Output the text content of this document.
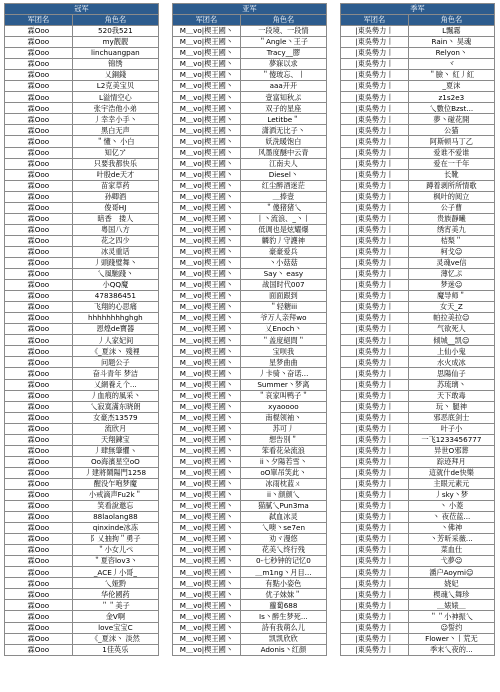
冠军	
军团名	角色名
霖Ooo	520我521
霖Ooo	my靓靓
霖Ooo	linchuangpan
霖Ooo	锦绣
霖Ooo	乂銅錢
霖Ooo	L2克美宝贝
霖Ooo	L溢情空心
霖Ooo	张宇浩他小弟
霖Ooo	丿幸幸小手丶
霖Ooo	黑白无声
霖Ooo	＂懂丶 小白
霖Ooo	知亿ア
霖Ooo	只要我都快乐
霖Ooo	叶殷de天才
霖Ooo	苗家草药
霖Ooo	孙卿酒
霖Ooo	俊哥HJ
霖Ooo	暗香　搂人
霖Ooo	粤国八方
霖Ooo	花之四少
霖Ooo	冰灵重话
霖Ooo	丿頭踐璧舞丶
霖Ooo	乀風馳踐丶
霖Ooo	小QQ魔
霖Ooo	478386451
霖Ooo	飞翔的心思痛
霖Ooo	hhhhhhhhghgh
霖Ooo	恩煌de寶器
霖Ooo	丿人家妃间
霖Ooo	《_夏沫丶 殘裡
霖Ooo	问题公子
霖Ooo	奋斗青年 梦洁
霖Ooo	乂網養え个...
霖Ooo	丿血痕的風采丶
霖Ooo	乀寂寞滿东晓朗
霖Ooo	女豪杰13579
霖Ooo	流欣月
霖Ooo	天翔鍊宝
霖Ooo	丿肆無肇懼ヽ
霖Ooo	Oo海濱星空oO
霖Ooo	丿建將鬧陽門1258
霖Ooo	醒没乍咆梦魔
霖Ooo	小戒滴声Fu2k＂
霖Ooo	笑看說邀忘
霖Ooo	88laolang88
霖Ooo	qinxinde冰冻
霖Ooo	阝乂抽拘＂勇子
霖Ooo	＂小女儿ぺ
霖Ooo	＂夏咨lov3丶
霖Ooo	_ACE丿小哥_
霖Ooo	乀娅黔
霖Ooo	华伦國药
霖Ooo	＂＂美子
霖Ooo	金V啊
霖Ooo	love宝宝C
霖Ooo	《_夏沫丶 淡然
霖Ooo	1佳英乐
亚军	
军团名	角色名
M＿vo|楔王國丶	一段境、一段情
M＿vo|楔王國丶	＂Angle丶王子
M＿vo|楔王國丶	Tracy__膠
M＿vo|楔王國丶	夢寐以求
M＿vo|楔王國丶	＂傻玻忘、丨
M＿vo|楔王國丶	aaa开开
M＿vo|楔王國丶	壹富知秋ぷ
M＿vo|楔王國丶	双子的星座
M＿vo|楔王國丶	Letitbe＂
M＿vo|楔王國丶	潇洒无比子丶
M＿vo|楔王國丶	妖洗暖饱白
M＿vo|楔王國丶	风墨度醚中云青
M＿vo|楔王國丶	江南夫人
M＿vo|楔王國丶	Diesel丶
M＿vo|楔王國丶	红尘醉酒迷茫
M＿vo|楔王國丶	＿捧壹
M＿vo|楔王國丶	＂傻猪猪乀
M＿vo|楔王國丶	丨丶流浪、_丶丨
M＿vo|楔王國丶	低调也是炫耀爆
M＿vo|楔王國丶	麟豹丿守護神
M＿vo|楔王國丶	豪豪爱兵
M＿vo|楔王國丶	丶小菇菇
M＿vo|楔王國丶	Say丶 easy
M＿vo|楔王國丶	战国时代007
M＿vo|楔王國丶	面面跟到
M＿vo|楔王國丶	＂轻糖iii
M＿vo|楔王國丶	爷万人亲拜wo
M＿vo|楔王國丶	乂Enoch丶
M＿vo|楔王國丶	＂盖度絕問＂
M＿vo|楔王國丶	宝呗我
M＿vo|楔王國丶	星梦曲曲
M＿vo|楔王國丶	丿卡骑丶奋诺...
M＿vo|楔王國丶	Summer丶梦离
M＿vo|楔王國丶	＂哀家叫鸭子＂
M＿vo|楔王國丶	xyaoooo
M＿vo|楔王國丶	南棍领袖丶
M＿vo|楔王國丶	苏可丿
M＿vo|楔王國丶	想告別＂
M＿vo|楔王國丶	笨看花朵流浪
M＿vo|楔王國丶	ii丶夕陽若雪丶
M＿vo|楔王國丶	oO單吊笑此丶
M＿vo|楔王國丶	冰雨枕蓝ㄨ
M＿vo|楔王國丶	ii丶颜颜乀
M＿vo|楔王國丶	猫腻乀Pun3ma
M＿vo|楔王國丶	弑血冰灵
M＿vo|楔王國丶	乀噢丶se7en
M＿vo|楔王國丶	劝ヾ漫悠
M＿vo|楔王國丶	花美乀终行残
M＿vo|楔王國丶	0-七秒钟的记忆0
M＿vo|楔王國丶	＿m1ng丶月目...
M＿vo|楔王國丶	有點小姿色
M＿vo|楔王國丶	优子妹妹＂
M＿vo|楔王國丶	蘿蔔688
M＿vo|楔王國丶	Is丶醉生梦死...
M＿vo|楔王國丶	詩有我萌么儿
M＿vo|楔王國丶	凯凯欣欣
M＿vo|楔王國丶	Adonis丶红颜
季军	
军团名	角色名
|東吳勢力丨	L飄霧
|東吳勢力丨	Rain丶 昊魂
|東吳勢力丨	Relyon丶
|東吳勢力丨	ヾ
|東吳勢力丨	＂臉丶 紅丿紅
|東吳勢力丨	_夏沫
|東吳勢力丨	z1s2e3
|東吳勢力丨	乀數位Bzst...
|東吳勢力丨	夢丶碰花開
|東吳勢力丨	公猫
|東吳勢力丨	阿斯顿马丁乙
|東吳勢力丨	爱谁不爱谁
|東吳勢力丨	爱在一千年
|東吳勢力丨	长靴
|東吳勢力丨	蹲着剥所所情歌
|東吳勢力丨	枫叶的阅立
|東吳勢力丨	公子曹
|東吳勢力丨	贵族靜曦
|東吳勢力丨	绣宵美九
|東吳勢力丨	桔梨＂
|東吳勢力丨	柯戈☺
|東吳勢力丨	灵魂ve信
|東吳勢力丨	薄忆ぷ
|東吳勢力丨	梦迷☺
|東吳勢力丨	魔导师＂
|東吳勢力丨	女天_Z
|東吳勢力丨	帕拉美拉☺
|東吳勢力丨	气欲死人
|東吳勢力丨	倾城__凯☺
|東吳勢力丨	上仙小鬼
|東吳勢力丨	水火成冰
|東吳勢力丨	思陽仙子
|東吳勢力丨	苏琉璃丶
|東吳勢力丨	天下敢毒
|東吳勢力丨	玩丶 腿神
|東吳勢力丨	邪恶底剑士
|東吳勢力丨	叶子小
|東吳勢力丨	一飞1233456777
|東吳勢力丨	异世O邪葬
|東吳勢力丨	踪迹拜月
|東吳勢力丨	這就什de快樂
|東吳勢力丨	主眼元素元
|東吳勢力丨	丿sky丶梦
|東吳勢力丨	丶 小菱
|東吳勢力丨	丶 夜莅蓝...
|東吳勢力丨	丶佛神
|東吳勢力丨	丶芳昕采薇...
|東吳勢力丨	菜血仕
|東吳勢力丨	弋夢☺
|東吳勢力丨	灂户Aoymi☺
|東吳勢力丨	娆妃
|東吳勢力丨	楔魂乀舞珍
|東吳勢力丨	＿婊婊＿
|東吳勢力丨	＂＂小神振乀
|東吳勢力丨	☺誓约
|東吳勢力丨	Flower丶丨荒无
|東吳勢力丨	季末乀夜的...
